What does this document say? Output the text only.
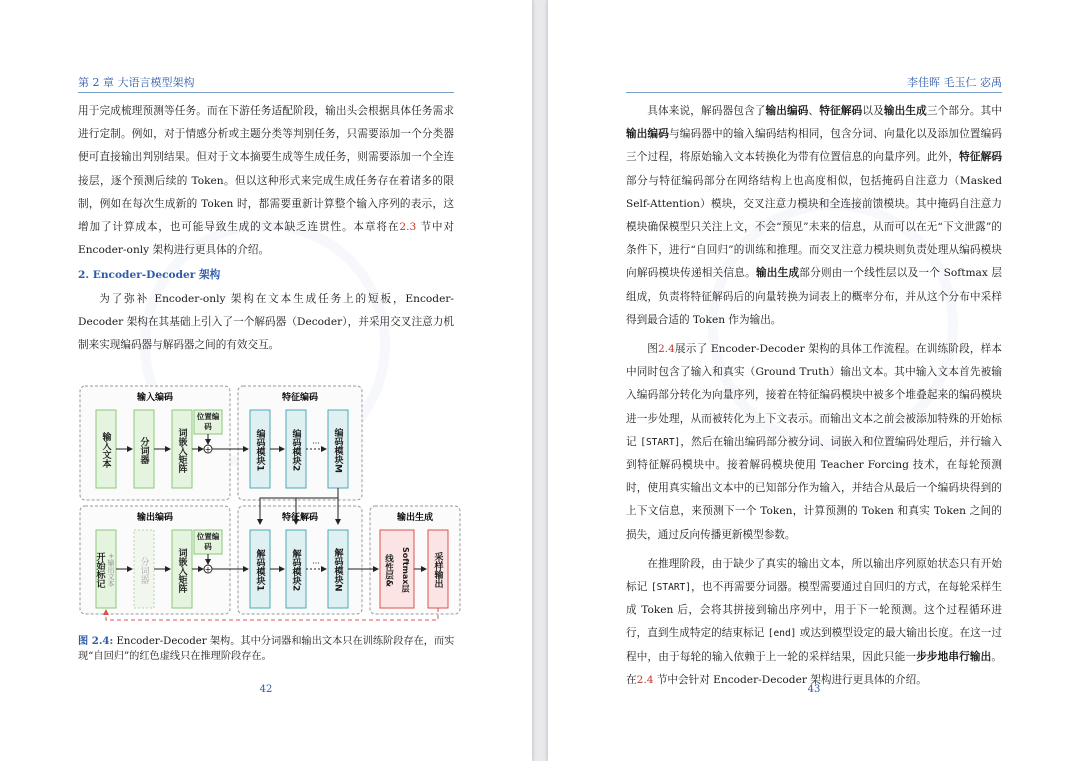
第 2 章 大语言模型架构

用于完成梳理预测等任务。而在下游任务适配阶段，输出头会根据具体任务需求进行定制。例如，对于情感分析或主题分类等判别任务，只需要添加一个分类器便可直接输出判别结果。但对于文本摘要生成等生成任务，则需要添加一个全连接层，逐个预测后续的 Token。但以这种形式来完成生成任务存在着诸多的限制，例如在每次生成新的 Token 时，都需要重新计算整个输入序列的表示，这增加了计算成本，也可能导致生成的文本缺乏连贯性。本章将在2.3 节中对 Encoder-only 架构进行更具体的介绍。

2. Encoder-Decoder 架构

为了弥补 Encoder-only 架构在文本生成任务上的短板，Encoder-Decoder 架构在其基础上引入了一个解码器（Decoder），并采用交叉注意力机制来实现编码器与解码器之间的有效交互。

输入编码	特征编码
输出编码	特征解码	输出生成
+
+
···
···
输入文本	分词器	词嵌入矩阵
位置编码
编码模块1	编码模块2	编码模块M
开始标记 +输出文本	分词器	词嵌入矩阵
位置编码
解码模块1	解码模块2	解码模块N	线性层& Softmax层	采样输出
图 2.4: Encoder-Decoder 架构。其中分词器和输出文本只在训练阶段存在，而实现“自回归”的红色虚线只在推理阶段存在。
42
李佳晖 毛玉仁 宓禹

具体来说，解码器包含了输出编码、特征解码以及输出生成三个部分。其中输出编码与编码器中的输入编码结构相同，包含分词、向量化以及添加位置编码三个过程，将原始输入文本转换化为带有位置信息的向量序列。此外，特征解码部分与特征编码部分在网络结构上也高度相似，包括掩码自注意力（Masked Self-Attention）模块，交叉注意力模块和全连接前馈模块。其中掩码自注意力模块确保模型只关注上文，不会“预见”未来的信息，从而可以在无“下文泄露”的条件下，进行“自回归”的训练和推理。而交叉注意力模块则负责处理从编码模块向解码模块传递相关信息。输出生成部分则由一个线性层以及一个 Softmax 层组成，负责将特征解码后的向量转换为词表上的概率分布，并从这个分布中采样得到最合适的 Token 作为输出。

图2.4展示了 Encoder-Decoder 架构的具体工作流程。在训练阶段，样本中同时包含了输入和真实（Ground Truth）输出文本。其中输入文本首先被输入编码部分转化为向量序列，接着在特征编码模块中被多个堆叠起来的编码模块进一步处理，从而被转化为上下文表示。而输出文本之前会被添加特殊的开始标记 [START]，然后在输出编码部分被分词、词嵌入和位置编码处理后，并行输入到特征解码模块中。接着解码模块使用 Teacher Forcing 技术，在每轮预测时，使用真实输出文本中的已知部分作为输入，并结合从最后一个编码块得到的上下文信息，来预测下一个 Token，计算预测的 Token 和真实 Token 之间的损失，通过反向传播更新模型参数。

在推理阶段，由于缺少了真实的输出文本，所以输出序列原始状态只有开始标记 [START]，也不再需要分词器。模型需要通过自回归的方式，在每轮采样生成 Token 后，会将其拼接到输出序列中，用于下一轮预测。这个过程循环进行，直到生成特定的结束标记 [end] 或达到模型设定的最大输出长度。在这一过程中，由于每轮的输入依赖于上一轮的采样结果，因此只能一步步地串行输出。在2.4 节中会针对 Encoder-Decoder 架构进行更具体的介绍。

43
